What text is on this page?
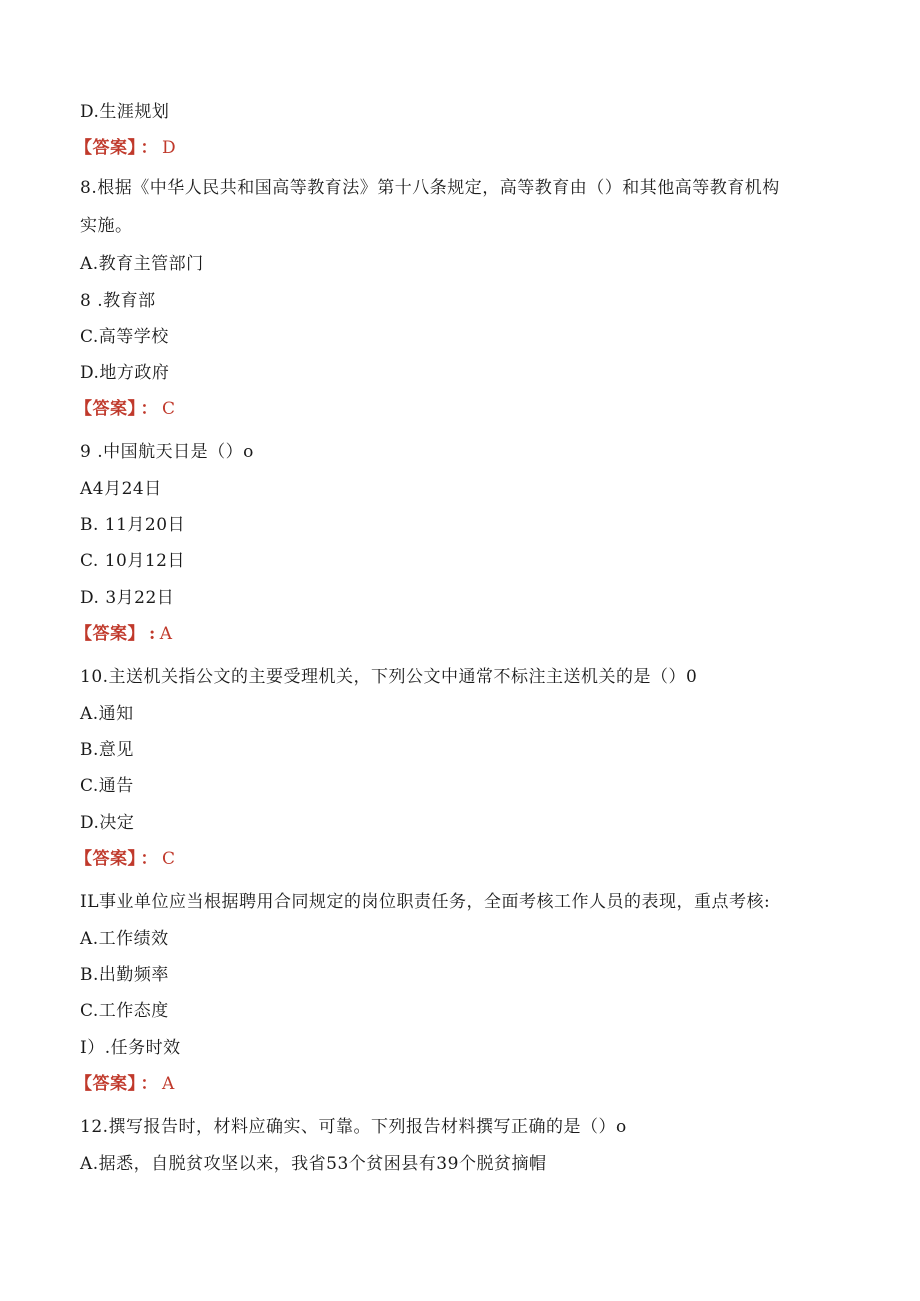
D.生涯规划
【答案】 ： D
8.根据《中华人民共和国高等教育法》第十八条规定，高等教育由（）和其他高等教育机构
实施。
A.教育主管部门
8 .教育部
C.高等学校
D.地方政府
【答案】 ： C
9 .中国航天日是（）o
A4月24日
B. 11月20日
C. 10月12日
D. 3月22日
【答案】 : A
10.主送机关指公文的主要受理机关，下列公文中通常不标注主送机关的是（）0
A.通知
B.意见
C.通告
D.决定
【答案】 ： C
IL事业单位应当根据聘用合同规定的岗位职责任务，全面考核工作人员的表现，重点考核:
A.工作绩效
B.出勤频率
C.工作态度
I）.任务时效
【答案】 ： A
12.撰写报告时，材料应确实、可靠。下列报告材料撰写正确的是（）o
A.据悉，自脱贫攻坚以来，我省53个贫困县有39个脱贫摘帽
